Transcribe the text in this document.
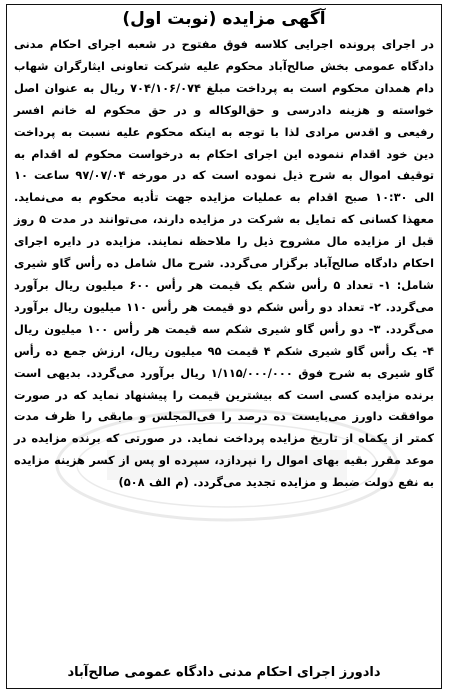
آگهی مزایده (نوبت اول)

در اجرای پرونده اجرایی کلاسه فوق مفتوح در شعبه اجرای احکام مدنی دادگاه عمومی بخش صالح‌آباد محکوم علیه شرکت تعاونی ایثارگران شهاب دام همدان محکوم است به پرداخت مبلغ ۷۰۴/۱۰۶/۰۷۴ ریال به عنوان اصل خواسته و هزینه دادرسی و حق‌الوکاله و در حق محکوم له خانم افسر رفیعی و اقدس مرادی لذا با توجه به اینکه محکوم علیه نسبت به پرداخت دین خود اقدام ننموده این اجرای احکام به درخواست محکوم له اقدام به توقیف اموال به شرح ذیل نموده است که در مورخه ۹۷/۰۷/۰۴ ساعت ۱۰ الی ۱۰:۳۰ صبح اقدام به عملیات مزایده جهت تأدیه محکوم به می‌نماید. معهذا کسانی که تمایل به شرکت در مزایده دارند، می‌توانند در مدت ۵ روز قبل از مزایده مال مشروح ذیل را ملاحظه نمایند. مزایده در دایره اجرای احکام دادگاه صالح‌آباد برگزار می‌گردد. شرح مال شامل ده رأس گاو شیری شامل: ۱- تعداد ۵ رأس شکم یک قیمت هر رأس ۶۰۰ میلیون ریال برآورد می‌گردد. ۲- تعداد دو رأس شکم دو قیمت هر رأس ۱۱۰ میلیون ریال برآورد می‌گردد. ۳- دو رأس گاو شیری شکم سه قیمت هر رأس ۱۰۰ میلیون ریال ۴- یک رأس گاو شیری شکم ۴ قیمت ۹۵ میلیون ریال، ارزش جمع ده رأس گاو شیری به شرح فوق ۱/۱۱۵/۰۰۰/۰۰۰ ریال برآورد می‌گردد. بدیهی است برنده مزایده کسی است که بیشترین قیمت را پیشنهاد نماید که در صورت موافقت داورز می‌بایست ده درصد را فی‌المجلس و مابقی را ظرف مدت کمتر از یکماه از تاریخ مزایده پرداخت نماید. در صورتی که برنده مزایده در موعد مقرر بقیه بهای اموال را نپردازد، سپرده او پس از کسر هزینه مزایده به نفع دولت ضبط و مزایده تجدید می‌گردد. (م الف ۵۰۸)

دادورز اجرای احکام مدنی دادگاه عمومی صالح‌آباد
